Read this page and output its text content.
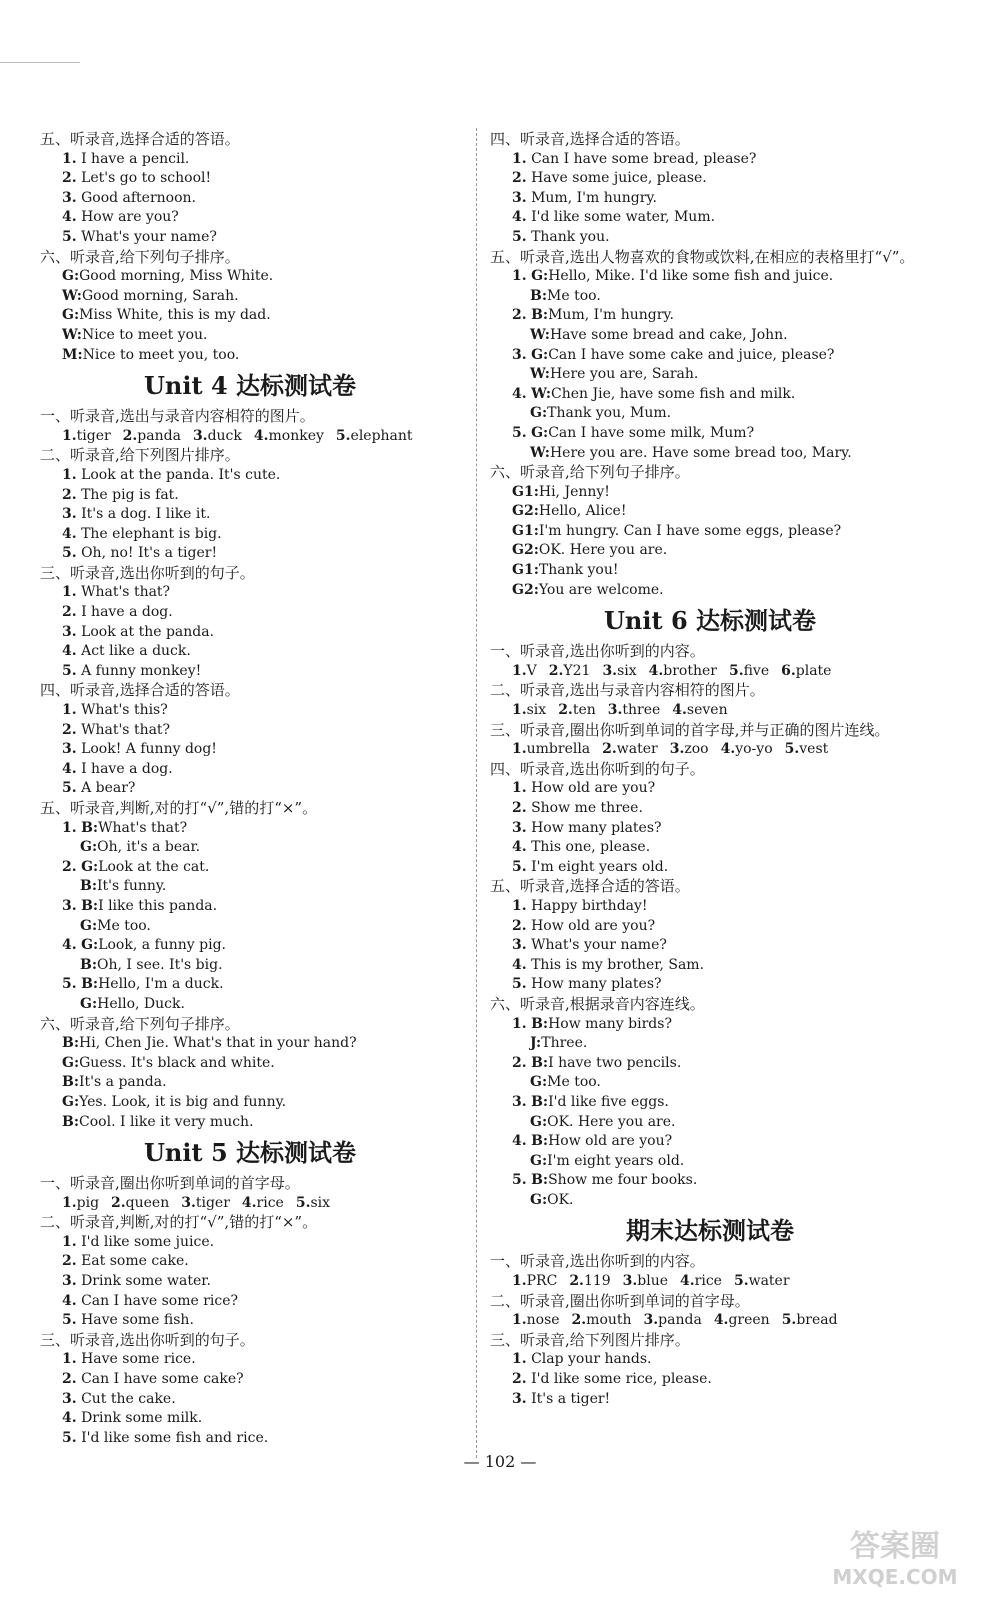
五、听录音,选择合适的答语。
1. I have a pencil.
2. Let's go to school!
3. Good afternoon.
4. How are you?
5. What's your name?
六、听录音,给下列句子排序。
G:Good morning, Miss White.
W:Good morning, Sarah.
G:Miss White, this is my dad.
W:Nice to meet you.
M:Nice to meet you, too.
Unit 4 达标测试卷
一、听录音,选出与录音内容相符的图片。
1.tiger 2.panda 3.duck 4.monkey 5.elephant
二、听录音,给下列图片排序。
1. Look at the panda. It's cute.
2. The pig is fat.
3. It's a dog. I like it.
4. The elephant is big.
5. Oh, no! It's a tiger!
三、听录音,选出你听到的句子。
1. What's that?
2. I have a dog.
3. Look at the panda.
4. Act like a duck.
5. A funny monkey!
四、听录音,选择合适的答语。
1. What's this?
2. What's that?
3. Look! A funny dog!
4. I have a dog.
5. A bear?
五、听录音,判断,对的打“√”,错的打“×”。
1. B:What's that?
G:Oh, it's a bear.
2. G:Look at the cat.
B:It's funny.
3. B:I like this panda.
G:Me too.
4. G:Look, a funny pig.
B:Oh, I see. It's big.
5. B:Hello, I'm a duck.
G:Hello, Duck.
六、听录音,给下列句子排序。
B:Hi, Chen Jie. What's that in your hand?
G:Guess. It's black and white.
B:It's a panda.
G:Yes. Look, it is big and funny.
B:Cool. I like it very much.
Unit 5 达标测试卷
一、听录音,圈出你听到单词的首字母。
1.pig 2.queen 3.tiger 4.rice 5.six
二、听录音,判断,对的打“√”,错的打“×”。
1. I'd like some juice.
2. Eat some cake.
3. Drink some water.
4. Can I have some rice?
5. Have some fish.
三、听录音,选出你听到的句子。
1. Have some rice.
2. Can I have some cake?
3. Cut the cake.
4. Drink some milk.
5. I'd like some fish and rice.
四、听录音,选择合适的答语。
1. Can I have some bread, please?
2. Have some juice, please.
3. Mum, I'm hungry.
4. I'd like some water, Mum.
5. Thank you.
五、听录音,选出人物喜欢的食物或饮料,在相应的表格里打“√”。
1. G:Hello, Mike. I'd like some fish and juice.
B:Me too.
2. B:Mum, I'm hungry.
W:Have some bread and cake, John.
3. G:Can I have some cake and juice, please?
W:Here you are, Sarah.
4. W:Chen Jie, have some fish and milk.
G:Thank you, Mum.
5. G:Can I have some milk, Mum?
W:Here you are. Have some bread too, Mary.
六、听录音,给下列句子排序。
G1:Hi, Jenny!
G2:Hello, Alice!
G1:I'm hungry. Can I have some eggs, please?
G2:OK. Here you are.
G1:Thank you!
G2:You are welcome.
Unit 6 达标测试卷
一、听录音,选出你听到的内容。
1.V 2.Y21 3.six 4.brother 5.five 6.plate
二、听录音,选出与录音内容相符的图片。
1.six 2.ten 3.three 4.seven
三、听录音,圈出你听到单词的首字母,并与正确的图片连线。
1.umbrella 2.water 3.zoo 4.yo-yo 5.vest
四、听录音,选出你听到的句子。
1. How old are you?
2. Show me three.
3. How many plates?
4. This one, please.
5. I'm eight years old.
五、听录音,选择合适的答语。
1. Happy birthday!
2. How old are you?
3. What's your name?
4. This is my brother, Sam.
5. How many plates?
六、听录音,根据录音内容连线。
1. B:How many birds?
J:Three.
2. B:I have two pencils.
G:Me too.
3. B:I'd like five eggs.
G:OK. Here you are.
4. B:How old are you?
G:I'm eight years old.
5. B:Show me four books.
G:OK.
期末达标测试卷
一、听录音,选出你听到的内容。
1.PRC 2.119 3.blue 4.rice 5.water
二、听录音,圈出你听到单词的首字母。
1.nose 2.mouth 3.panda 4.green 5.bread
三、听录音,给下列图片排序。
1. Clap your hands.
2. I'd like some rice, please.
3. It's a tiger!
— 102 —
答案圈
MXQE.COM
